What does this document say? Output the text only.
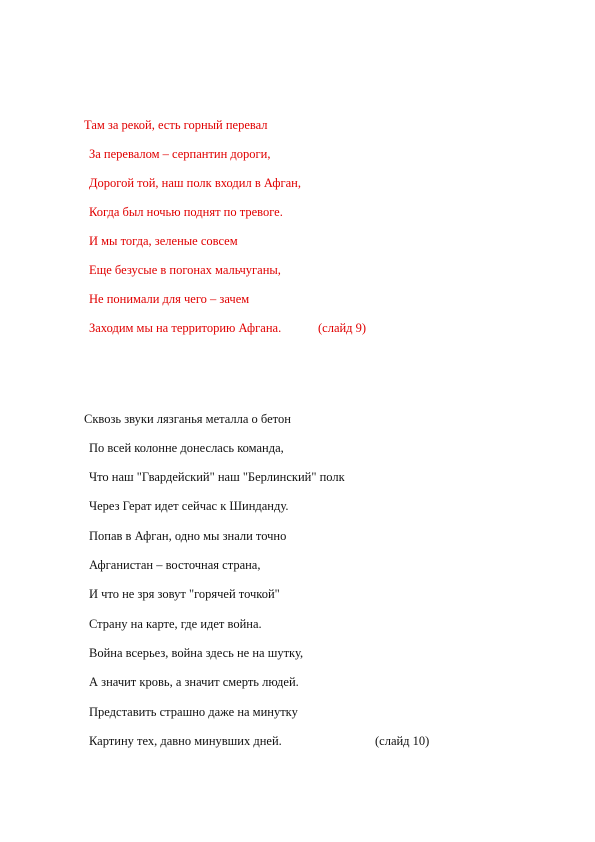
Там за рекой, есть горный перевал
За перевалом – серпантин дороги,
Дорогой той, наш полк входил в Афган,
Когда был ночью поднят по тревоге.
И мы тогда, зеленые совсем
Еще безусые в погонах мальчуганы,
Не понимали для чего – зачем
Заходим мы на территорию Афгана.	(слайд 9)
Сквозь звуки лязганья металла о бетон
По всей колонне донеслась команда,
Что наш "Гвардейский" наш "Берлинский" полк
Через Герат идет сейчас к Шинданду.
Попав в Афган, одно мы знали точно
Афганистан – восточная страна,
И что не зря зовут "горячей точкой"
Страну на карте, где идет война.
Война всерьез, война здесь не на шутку,
А значит кровь, а значит смерть людей.
Представить страшно даже на минутку
Картину тех, давно минувших дней.	(слайд 10)
